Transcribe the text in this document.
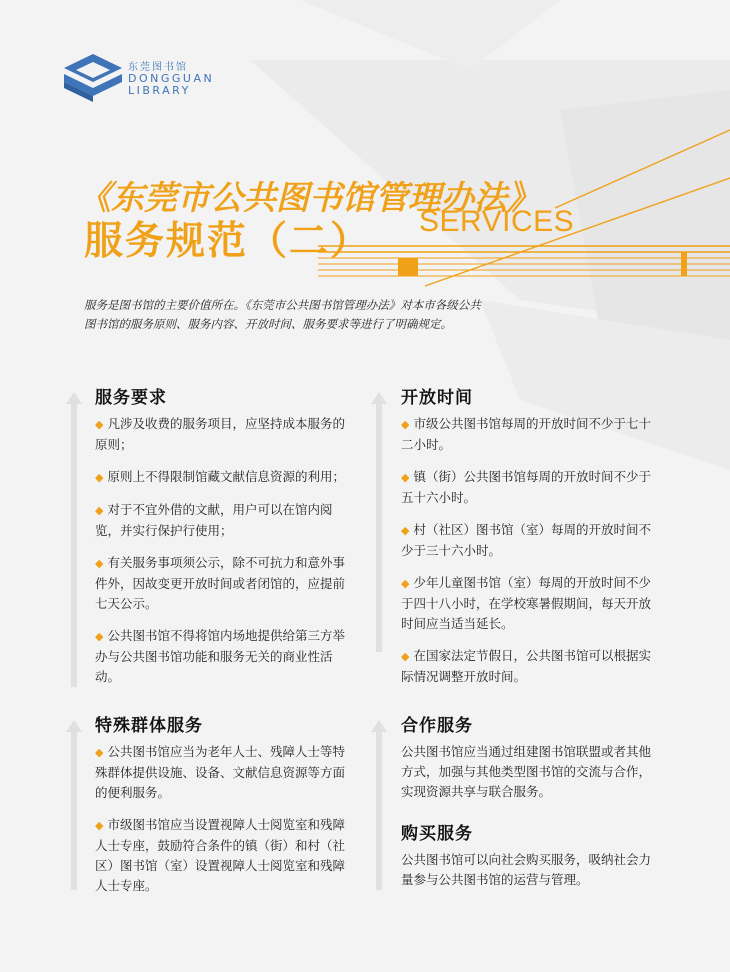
东莞图书馆
DONGGUAN
LIBRARY
《东莞市公共图书馆管理办法》
服务规范（二） SERVICES
服务是图书馆的主要价值所在。《东莞市公共图书馆管理办法》对本市各级公共图书馆的服务原则、服务内容、开放时间、服务要求等进行了明确规定。
服务要求
◆ 凡涉及收费的服务项目，应坚持成本服务的原则；
◆ 原则上不得限制馆藏文献信息资源的利用；
◆ 对于不宜外借的文献，用户可以在馆内阅览，并实行保护行使用；
◆ 有关服务事项须公示，除不可抗力和意外事件外，因故变更开放时间或者闭馆的，应提前七天公示。
◆ 公共图书馆不得将馆内场地提供给第三方举办与公共图书馆功能和服务无关的商业性活动。
开放时间
◆ 市级公共图书馆每周的开放时间不少于七十二小时。
◆ 镇（街）公共图书馆每周的开放时间不少于五十六小时。
◆ 村（社区）图书馆（室）每周的开放时间不少于三十六小时。
◆ 少年儿童图书馆（室）每周的开放时间不少于四十八小时，在学校寒暑假期间，每天开放时间应当适当延长。
◆ 在国家法定节假日，公共图书馆可以根据实际情况调整开放时间。
特殊群体服务
◆ 公共图书馆应当为老年人士、残障人士等特殊群体提供设施、设备、文献信息资源等方面的便利服务。
◆ 市级图书馆应当设置视障人士阅览室和残障人士专座，鼓励符合条件的镇（街）和村（社区）图书馆（室）设置视障人士阅览室和残障人士专座。
合作服务
公共图书馆应当通过组建图书馆联盟或者其他方式，加强与其他类型图书馆的交流与合作，实现资源共享与联合服务。
购买服务
公共图书馆可以向社会购买服务，吸纳社会力量参与公共图书馆的运营与管理。
